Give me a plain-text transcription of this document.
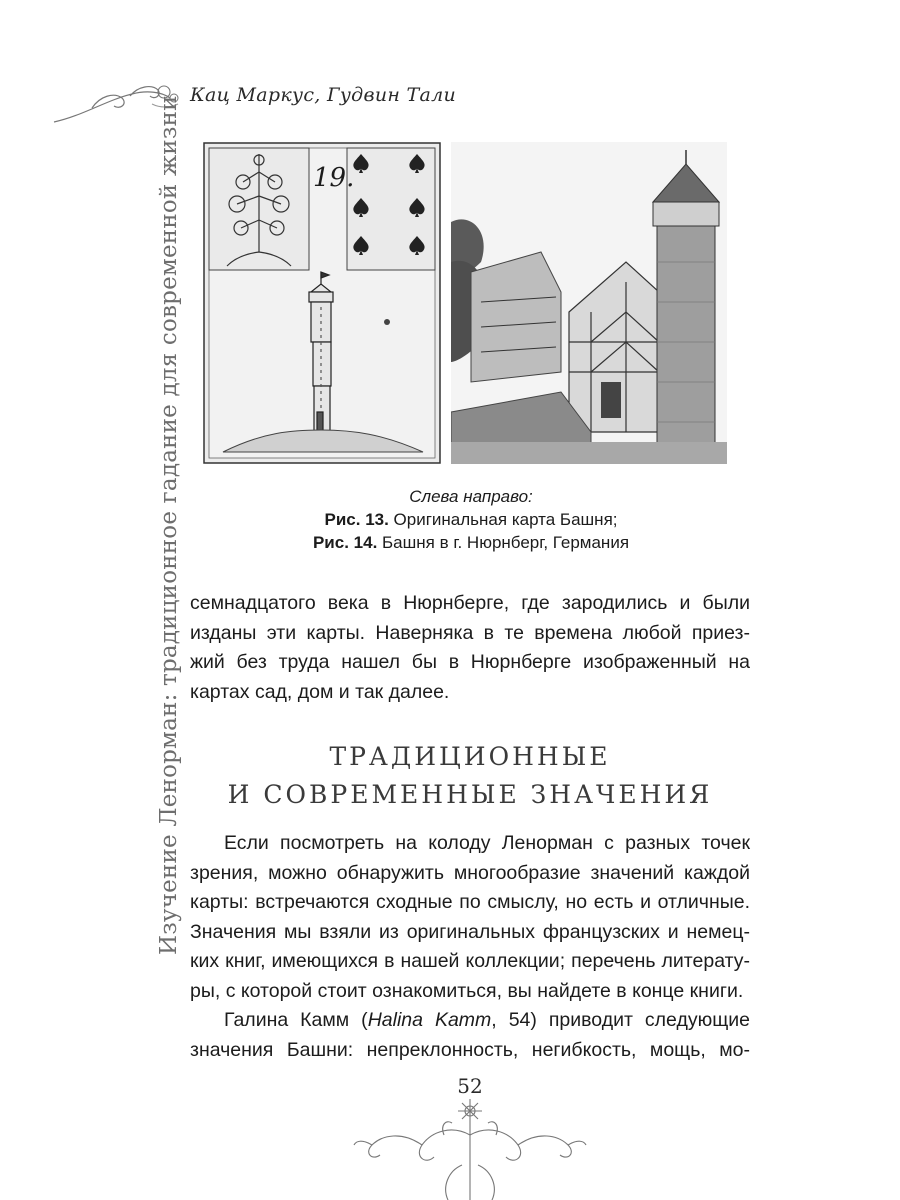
Кац Маркус, Гудвин Тали
Изучение Ленорман: традиционное гадание для современной жизни	19.
Слева направо:
Рис. 13. Оригинальная карта Башня;
Рис. 14. Башня в г. Нюрнберг, Германия

семнадцатого века в Нюрнберге, где зародились и были
изданы эти карты. Наверняка в те времена любой приез-
жий без труда нашел бы в Нюрнберге изображенный на
картах сад, дом и так далее.

ТРАДИЦИОННЫЕ
И СОВРЕМЕННЫЕ ЗНАЧЕНИЯ

Если посмотреть на колоду Ленорман с разных точек
зрения, можно обнаружить многообразие значений каждой
карты: встречаются сходные по смыслу, но есть и отличные.
Значения мы взяли из оригинальных французских и немец-
ких книг, имеющихся в нашей коллекции; перечень литерату-
ры, с которой стоит ознакомиться, вы найдете в конце книги.

Галина Камм (Halina Kamm, 54) приводит следующие
значения Башни: непреклонность, негибкость, мощь, мо-

52
